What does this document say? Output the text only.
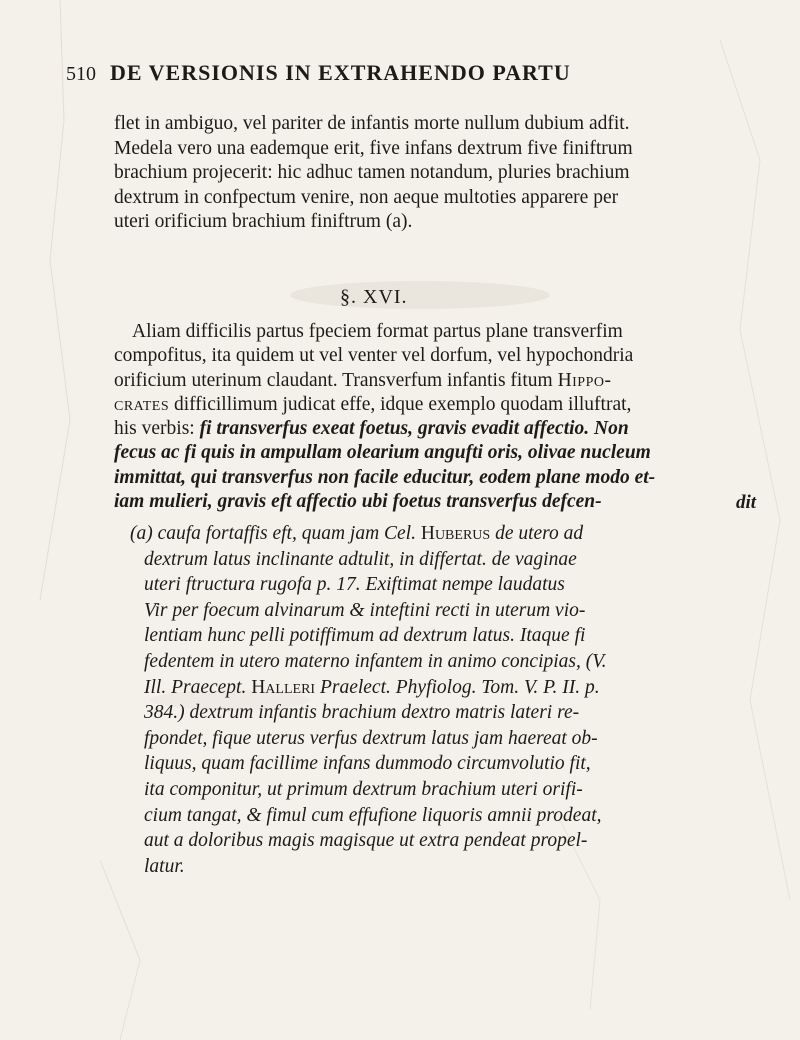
510 DE VERSIONIS IN EXTRAHENDO PARTU
flet in ambiguo, vel pariter de infantis morte nullum dubium adfit.
Medela vero una eademque erit, five infans dextrum five finiftrum
brachium projecerit: hic adhuc tamen notandum, pluries brachium
dextrum in confpectum venire, non aeque multoties apparere per
uteri orificium brachium finiftrum (a).
§. XVI.
Aliam difficilis partus fpeciem format partus plane transverfim
compofitus, ita quidem ut vel venter vel dorfum, vel hypochondria
orificium uterinum claudant. Transverfum infantis fitum Hippo-
crates difficillimum judicat effe, idque exemplo quodam illuftrat,
his verbis: fi transverfus exeat foetus, gravis evadit affectio. Non
fecus ac fi quis in ampullam olearium angufti oris, olivae nucleum
immittat, qui transverfus non facile educitur, eodem plane modo et-
iam mulieri, gravis eft affectio ubi foetus transverfus defcen-	dit
(a) caufa fortaffis eft, quam jam Cel. Huberus de utero ad
dextrum latus inclinante adtulit, in differtat. de vaginae
uteri ftructura rugofa p. 17. Exiftimat nempe laudatus
Vir per foecum alvinarum & inteftini recti in uterum vio-
lentiam hunc pelli potiffimum ad dextrum latus. Itaque fi
fedentem in utero materno infantem in animo concipias, (V.
Ill. Praecept. Halleri Praelect. Phyfiolog. Tom. V. P. II. p.
384.) dextrum infantis brachium dextro matris lateri re-
fpondet, fique uterus verfus dextrum latus jam haereat ob-
liquus, quam facillime infans dummodo circumvolutio fit,
ita componitur, ut primum dextrum brachium uteri orifi-
cium tangat, & fimul cum effufione liquoris amnii prodeat,
aut a doloribus magis magisque ut extra pendeat propel-
latur.
